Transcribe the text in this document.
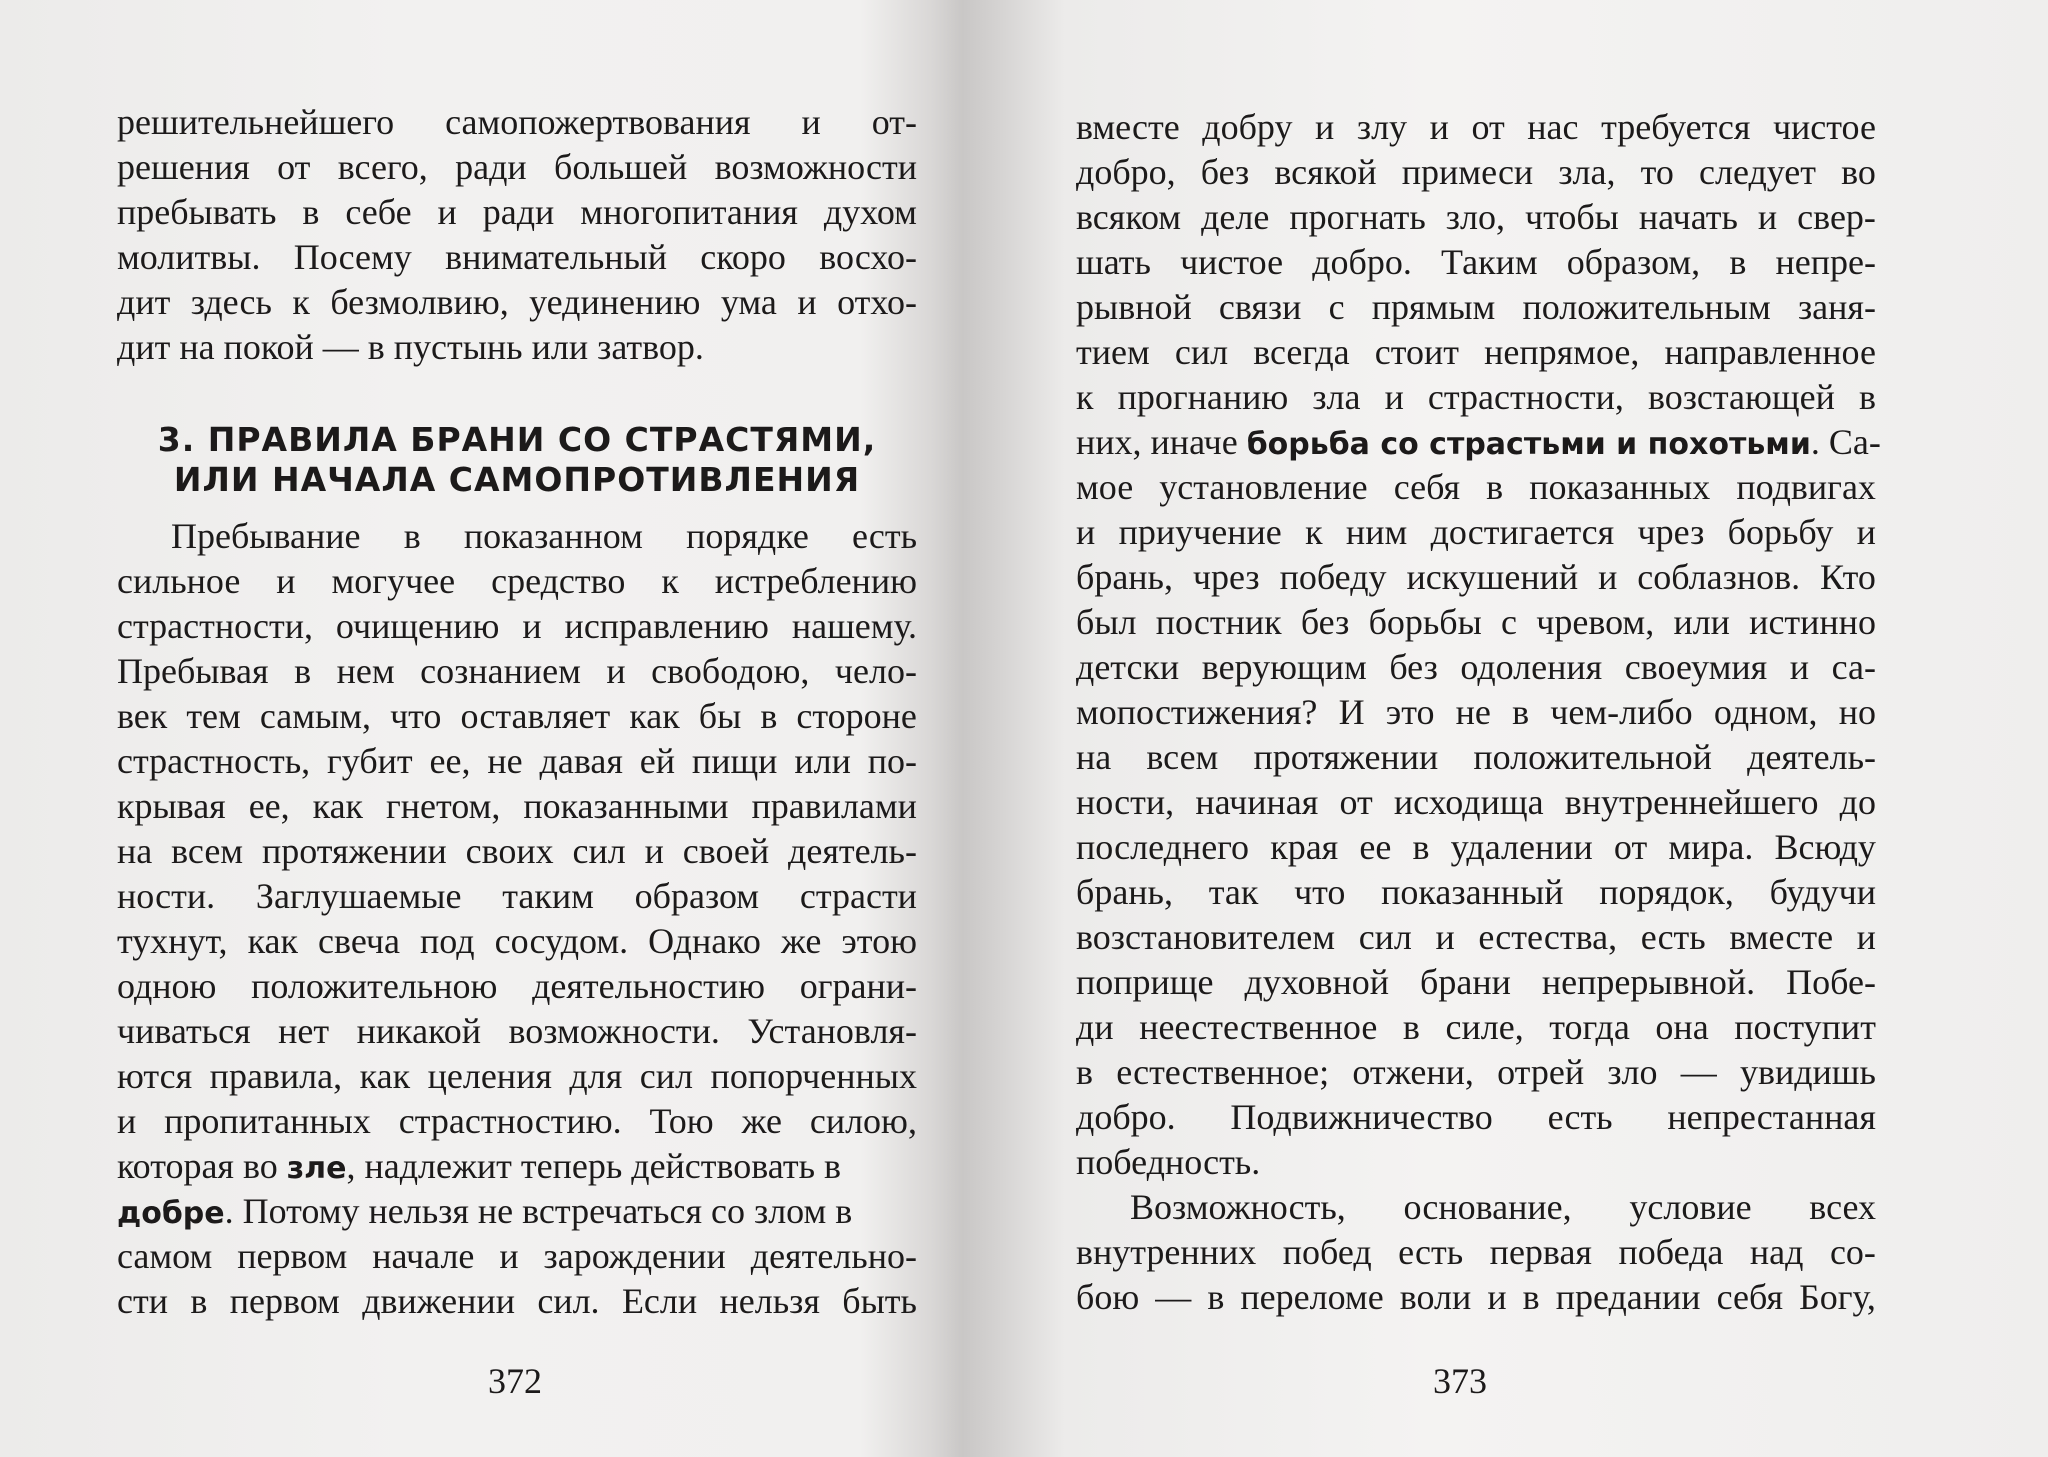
решительнейшего самопожертвования и от-
решения от всего, ради большей возможности
пребывать в себе и ради многопитания духом
молитвы. Посему внимательный скоро восхо-
дит здесь к безмолвию, уединению ума и отхо-
дит на покой — в пустынь или затвор.
3. ПРАВИЛА БРАНИ СО СТРАСТЯМИ,
ИЛИ НАЧАЛА САМОПРОТИВЛЕНИЯ
Пребывание в показанном порядке есть
сильное и могучее средство к истреблению
страстности, очищению и исправлению нашему.
Пребывая в нем сознанием и свободою, чело-
век тем самым, что оставляет как бы в стороне
страстность, губит ее, не давая ей пищи или по-
крывая ее, как гнетом, показанными правилами
на всем протяжении своих сил и своей деятель-
ности. Заглушаемые таким образом страсти
тухнут, как свеча под сосудом. Однако же этою
одною положительною деятельностию ограни-
чиваться нет никакой возможности. Установля-
ются правила, как целения для сил попорченных
и пропитанных страстностию. Тою же силою,
которая во зле, надлежит теперь действовать в
добре. Потому нельзя не встречаться со злом в
самом первом начале и зарождении деятельно-
сти в первом движении сил. Если нельзя быть
372
вместе добру и злу и от нас требуется чистое
добро, без всякой примеси зла, то следует во
всяком деле прогнать зло, чтобы начать и свер-
шать чистое добро. Таким образом, в непре-
рывной связи с прямым положительным заня-
тием сил всегда стоит непрямое, направленное
к прогнанию зла и страстности, возстающей в
них, иначе борьба со страстьми и похотьми. Са-
мое установление себя в показанных подвигах
и приучение к ним достигается чрез борьбу и
брань, чрез победу искушений и соблазнов. Кто
был постник без борьбы с чревом, или истинно
детски верующим без одоления своеумия и са-
мопостижения? И это не в чем-либо одном, но
на всем протяжении положительной деятель-
ности, начиная от исходища внутреннейшего до
последнего края ее в удалении от мира. Всюду
брань, так что показанный порядок, будучи
возстановителем сил и естества, есть вместе и
поприще духовной брани непрерывной. Побе-
ди неестественное в силе, тогда она поступит
в естественное; отжени, отрей зло — увидишь
добро. Подвижничество есть непрестанная
победность.
Возможность, основание, условие всех
внутренних побед есть первая победа над со-
бою — в переломе воли и в предании себя Богу,
373
